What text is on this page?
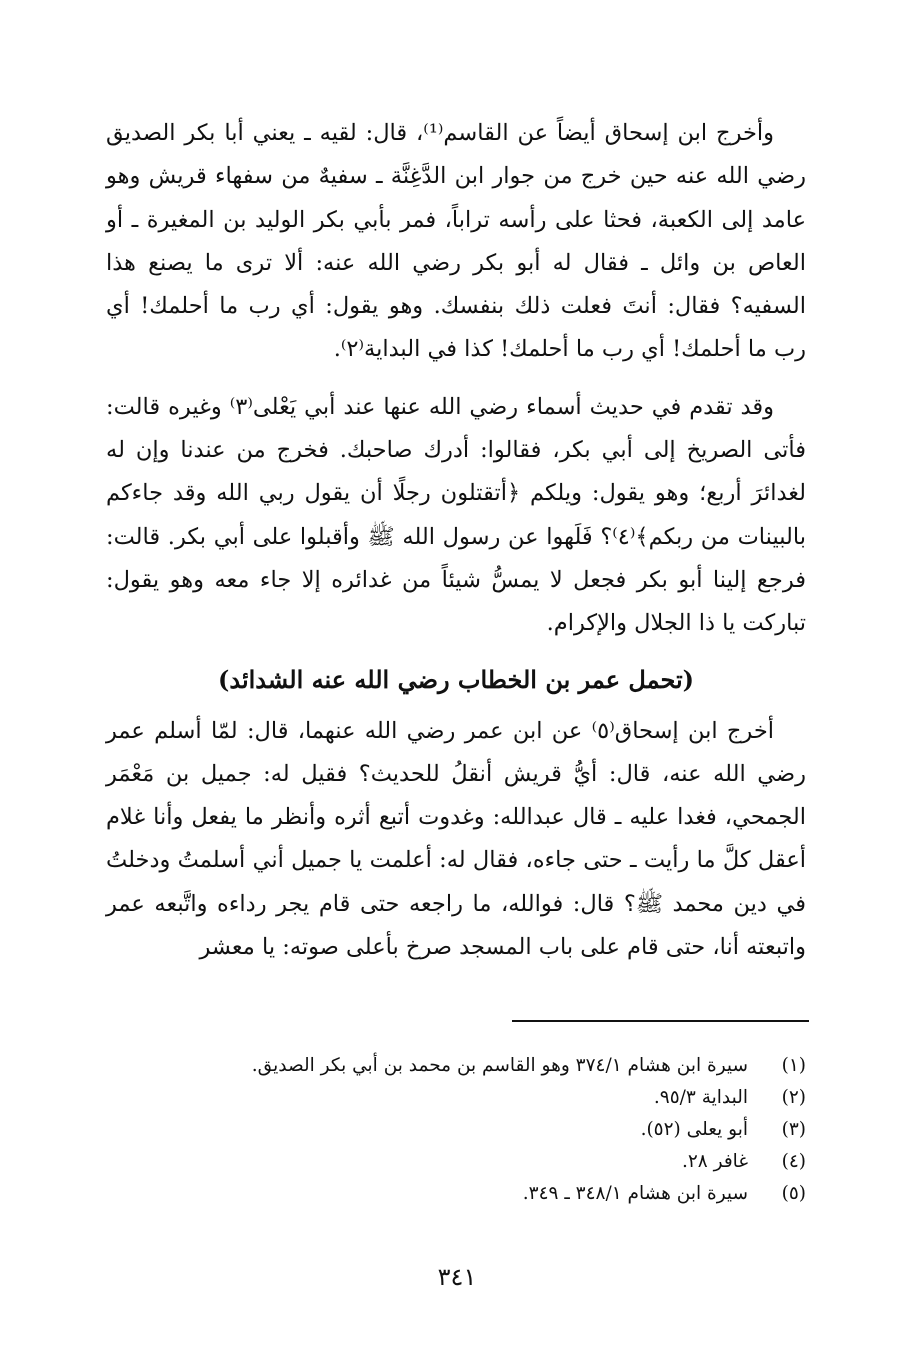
وأخرج ابن إسحاق أيضاً عن القاسم⁽¹⁾، قال: لقيه ـ يعني أبا بكر الصديق رضي الله عنه حين خرج من جوار ابن الدَّغِنَّة ـ سفيهٌ من سفهاء قريش وهو عامد إلى الكعبة، فحثا على رأسه تراباً، فمر بأبي بكر الوليد بن المغيرة ـ أو العاص بن وائل ـ فقال له أبو بكر رضي الله عنه: ألا ترى ما يصنع هذا السفيه؟ فقال: أنتَ فعلت ذلك بنفسك. وهو يقول: أي رب ما أحلمك! أي رب ما أحلمك! أي رب ما أحلمك! كذا في البداية⁽٢⁾.

وقد تقدم في حديث أسماء رضي الله عنها عند أبي يَعْلى⁽٣⁾ وغيره قالت: فأتى الصريخ إلى أبي بكر، فقالوا: أدرك صاحبك. فخرج من عندنا وإن له لغدائرَ أربع؛ وهو يقول: ويلكم ﴿أتقتلون رجلًا أن يقول ربي الله وقد جاءكم بالبينات من ربكم﴾⁽٤⁾؟ فَلَهوا عن رسول الله ﷺ وأقبلوا على أبي بكر. قالت: فرجع إلينا أبو بكر فجعل لا يمسُّ شيئاً من غدائره إلا جاء معه وهو يقول: تباركت يا ذا الجلال والإكرام.

(تحمل عمر بن الخطاب رضي الله عنه الشدائد)

أخرج ابن إسحاق⁽٥⁾ عن ابن عمر رضي الله عنهما، قال: لمّا أسلم عمر رضي الله عنه، قال: أيُّ قريش أنقلُ للحديث؟ فقيل له: جميل بن مَعْمَر الجمحي، فغدا عليه ـ قال عبدالله: وغدوت أتبع أثره وأنظر ما يفعل وأنا غلام أعقل كلَّ ما رأيت ـ حتى جاءه، فقال له: أعلمت يا جميل أني أسلمتُ ودخلتُ في دين محمد ﷺ؟ قال: فوالله، ما راجعه حتى قام يجر رداءه واتَّبعه عمر واتبعته أنا، حتى قام على باب المسجد صرخ بأعلى صوته: يا معشر

(١)سيرة ابن هشام ٣٧٤/١ وهو القاسم بن محمد بن أبي بكر الصديق.

(٢)البداية ٩٥/٣.

(٣)أبو يعلى (٥٢).

(٤)غافر ٢٨.

(٥)سيرة ابن هشام ٣٤٨/١ ـ ٣٤٩.

٣٤١
